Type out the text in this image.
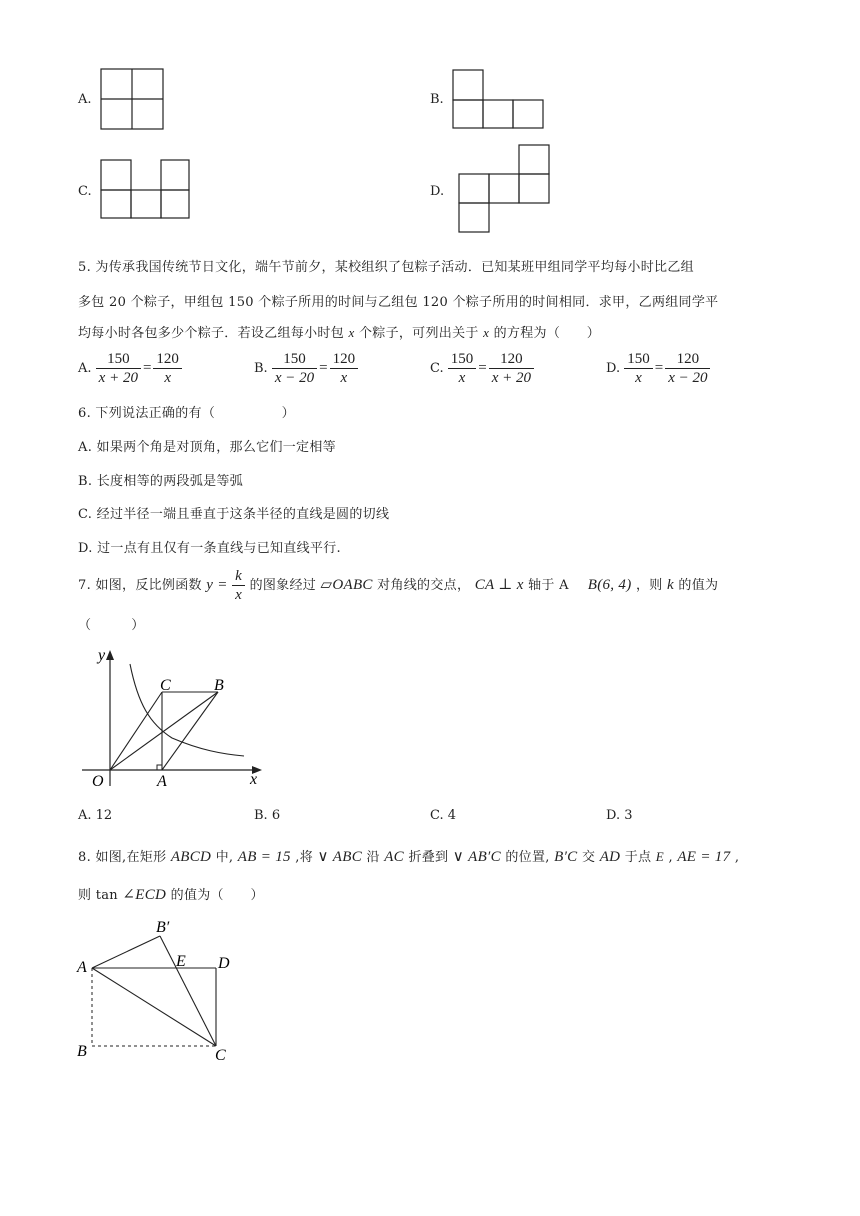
A.	B.
C.	D.
5. 为传承我国传统节日文化，端午节前夕，某校组织了包粽子活动．已知某班甲组同学平均每小时比乙组
多包 20 个粽子，甲组包 150 个粽子所用的时间与乙组包 120 个粽子所用的时间相同．求甲，乙两组同学平
均每小时各包多少个粽子．若设乙组每小时包 x 个粽子，可列出关于 x 的方程为（　　）
A. $\frac{150}{x + 20} = \frac{120}{x}$	B. $\frac{150}{x - 20} = \frac{120}{x}$	C. $\frac{150}{x} = \frac{120}{x + 20}$	D. $\frac{150}{x} = \frac{120}{x - 20}$
6. 下列说法正确的有（　　　　　）
A. 如果两个角是对顶角，那么它们一定相等
B. 长度相等的两段弧是等弧
C. 经过半径一端且垂直于这条半径的直线是圆的切线
D. 过一点有且仅有一条直线与已知直线平行.
7. 如图，反比例函数 $y = \frac{k}{x}$ 的图象经过 ▱OABC 对角线的交点， CA ⊥ x 轴于 A B(6, 4) ，则 k 的值为
（　　　）
y
x
O	A
B
C
A. 12	B. 6	C. 4	D. 3
8. 如图,在矩形 ABCD 中, AB = 15 ,将 ∨ ABC 沿 AC 折叠到 ∨ AB′C 的位置, B′C 交 AD 于点 E , AE = 17 ,
则 tan ∠ECD 的值为（　　）
A
B
B′
C
D
E
